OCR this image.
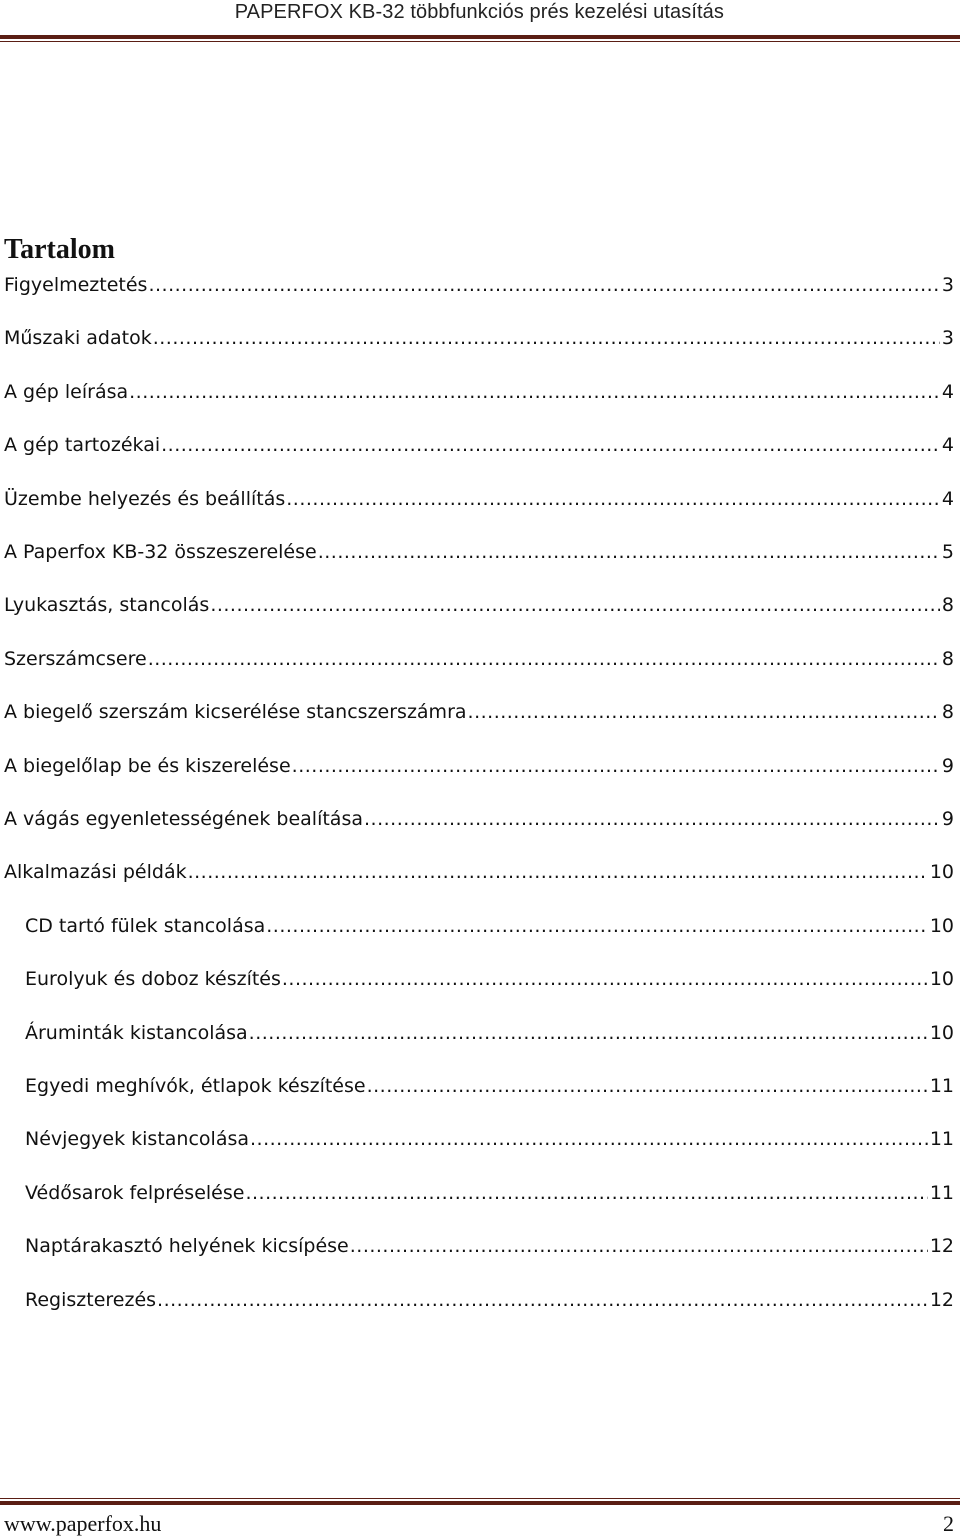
PAPERFOX KB-32 többfunkciós prés kezelési utasítás
Tartalom
Figyelmeztetés .....	3
Műszaki adatok .....	3
A gép leírása .....	4
A gép tartozékai .....	4
Üzembe helyezés és beállítás .....	4
A Paperfox KB-32 összeszerelése .....	5
Lyukasztás, stancolás .....	8
Szerszámcsere .....	8
A biegelő szerszám kicserélése stancszerszámra .....	8
A biegelőlap be és kiszerelése .....	9
A vágás egyenletességének bealítása .....	9
Alkalmazási példák .....	10
CD tartó fülek stancolása .....	10
Eurolyuk és doboz készítés .....	10
Áruminták kistancolása .....	10
Egyedi meghívók, étlapok készítése .....	11
Névjegyek kistancolása .....	11
Védősarok felpréselése .....	11
Naptárakasztó helyének kicsípése .....	12
Regiszterezés .....	12
www.paperfox.hu	2
